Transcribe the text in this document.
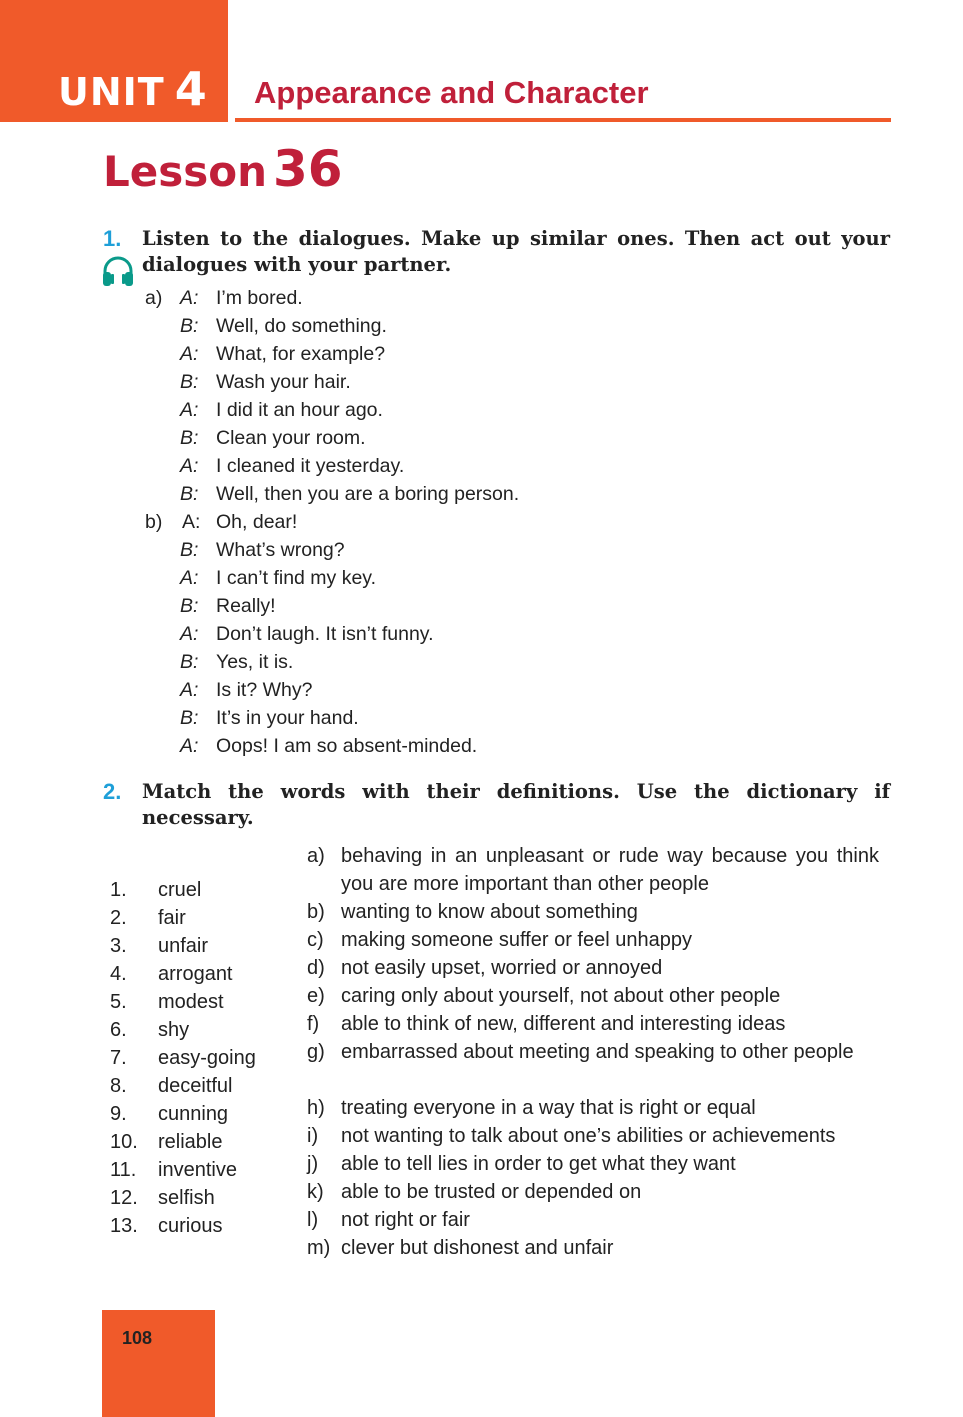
UNIT 4 Appearance and Character
Lesson 36
1. Listen to the dialogues. Make up similar ones. Then act out your dialogues with your partner.
a) A: I’m bored.
B: Well, do something.
A: What, for example?
B: Wash your hair.
A: I did it an hour ago.
B: Clean your room.
A: I cleaned it yesterday.
B: Well, then you are a boring person.
b) A: Oh, dear!
B: What’s wrong?
A: I can’t find my key.
B: Really!
A: Don’t laugh. It isn’t funny.
B: Yes, it is.
A: Is it? Why?
B: It’s in your hand.
A: Oops! I am so absent-minded.
2. Match the words with their definitions. Use the dictionary if necessary.
1. cruel
2. fair
3. unfair
4. arrogant
5. modest
6. shy
7. easy-going
8. deceitful
9. cunning
10. reliable
11. inventive
12. selfish
13. curious
a) behaving in an unpleasant or rude way because you think you are more important than other people
b) wanting to know about something
c) making someone suffer or feel unhappy
d) not easily upset, worried or annoyed
e) caring only about yourself, not about other people
f) able to think of new, different and interesting ideas
g) embarrassed about meeting and speaking to other people
h) treating everyone in a way that is right or equal
i) not wanting to talk about one’s abilities or achievements
j) able to tell lies in order to get what they want
k) able to be trusted or depended on
l) not right or fair
m) clever but dishonest and unfair
108
